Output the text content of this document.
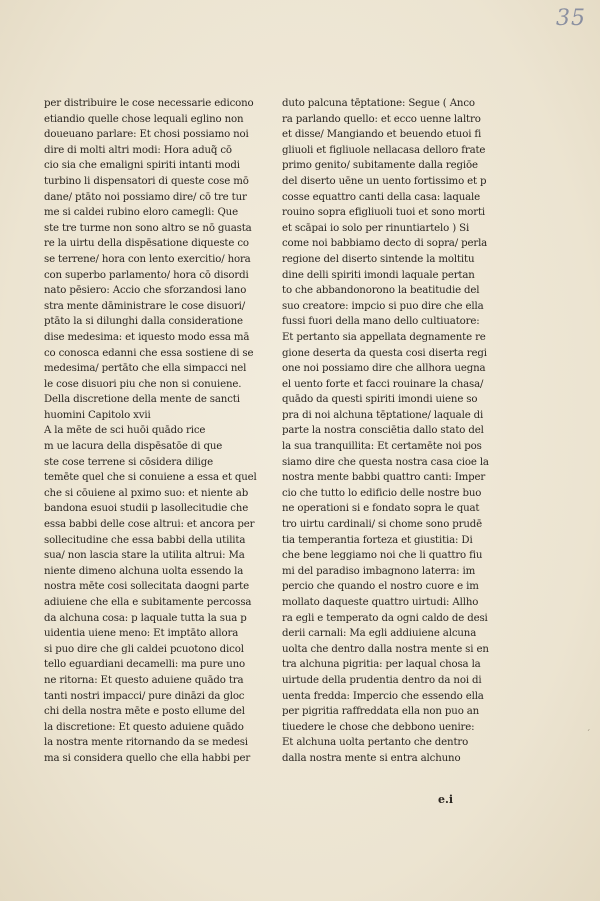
35
per distribuire le cose necessarie edicono
etiandio quelle chose lequali eglino non
doueuano parlare: Et chosi possiamo noi
dire di molti altri modi: Hora aduq̃ cō
cio sia che emaligni spiriti intanti modi
turbino li dispensatori di queste cose mō
dane/ ptāto noi possiamo dire/ cō tre tur
me si caldei rubino eloro camegli: Que
ste tre turme non sono altro se nō guasta
re la uirtu della dispēsatione diqueste co
se terrene/ hora con lento exercitio/ hora
con superbo parlamento/ hora cō disordi
nato pēsiero: Accio che sforzandosi lano
stra mente dāministrare le cose disuori/
ptāto la si dilunghi dalla consideratione
dise medesima: et iquesto modo essa mā
co conosca edanni che essa sostiene di se
medesima/ pertāto che ella simpacci nel
le cose disuori piu che non si conuiene.
Della discretione della mente de sancti
huomini Capitolo xvii
A la mēte de sci huōi quādo rice
m ue lacura della dispēsatōe di que
ste cose terrene si cōsidera dilige
temēte quel che si conuiene a essa et quel
che si cōuiene al pximo suo: et niente ab
bandona esuoi studii p lasollecitudie che
essa babbi delle cose altrui: et ancora per
sollecitudine che essa babbi della utilita
sua/ non lascia stare la utilita altrui: Ma
niente dimeno alchuna uolta essendo la
nostra mēte cosi sollecitata daogni parte
adiuiene che ella e subitamente percossa
da alchuna cosa: p laquale tutta la sua p
uidentia uiene meno: Et imptāto allora
si puo dire che gli caldei pcuotono dicol
tello eguardiani decamelli: ma pure uno
ne ritorna: Et questo aduiene quādo tra
tanti nostri impacci/ pure dināzi da gloc
chi della nostra mēte e posto ellume del
la discretione: Et questo aduiene quādo
la nostra mente ritornando da se medesi
ma si considera quello che ella habbi per
duto palcuna tēptatione: Segue ( Anco
ra parlando quello: et ecco uenne laltro
et disse/ Mangiando et beuendo etuoi fi
gliuoli et figliuole nellacasa delloro frate
primo genito/ subitamente dalla regiōe
del diserto uēne un uento fortissimo et p
cosse equattro canti della casa: laquale
rouino sopra efigliuoli tuoi et sono morti
et scāpai io solo per rinuntiartelo ) Si
come noi babbiamo decto di sopra/ perla
regione del diserto sintende la moltitu
dine delli spiriti imondi laquale pertan
to che abbandonorono la beatitudie del
suo creatore: impcio si puo dire che ella
fussi fuori della mano dello cultiuatore:
Et pertanto sia appellata degnamente re
gione deserta da questa cosi diserta regi
one noi possiamo dire che allhora uegna
el uento forte et facci rouinare la chasa/
quādo da questi spiriti imondi uiene so
pra di noi alchuna tēptatione/ laquale di
parte la nostra consciētia dallo stato del
la sua tranquillita: Et certamēte noi pos
siamo dire che questa nostra casa cioe la
nostra mente babbi quattro canti: Imper
cio che tutto lo edificio delle nostre buo
ne operationi si e fondato sopra le quat
tro uirtu cardinali/ si chome sono prudē
tia temperantia forteza et giustitia: Di
che bene leggiamo noi che li quattro fiu
mi del paradiso imbagnono laterra: im
percio che quando el nostro cuore e im
mollato daqueste quattro uirtudi: Allho
ra egli e temperato da ogni caldo de desi
derii carnali: Ma egli addiuiene alcuna
uolta che dentro dalla nostra mente si en
tra alchuna pigritia: per laqual chosa la
uirtude della prudentia dentro da noi di
uenta fredda: Impercio che essendo ella
per pigritia raffreddata ella non puo an
tiuedere le chose che debbono uenire:
Et alchuna uolta pertanto che dentro
dalla nostra mente si entra alchuno
e.i
ˊ
